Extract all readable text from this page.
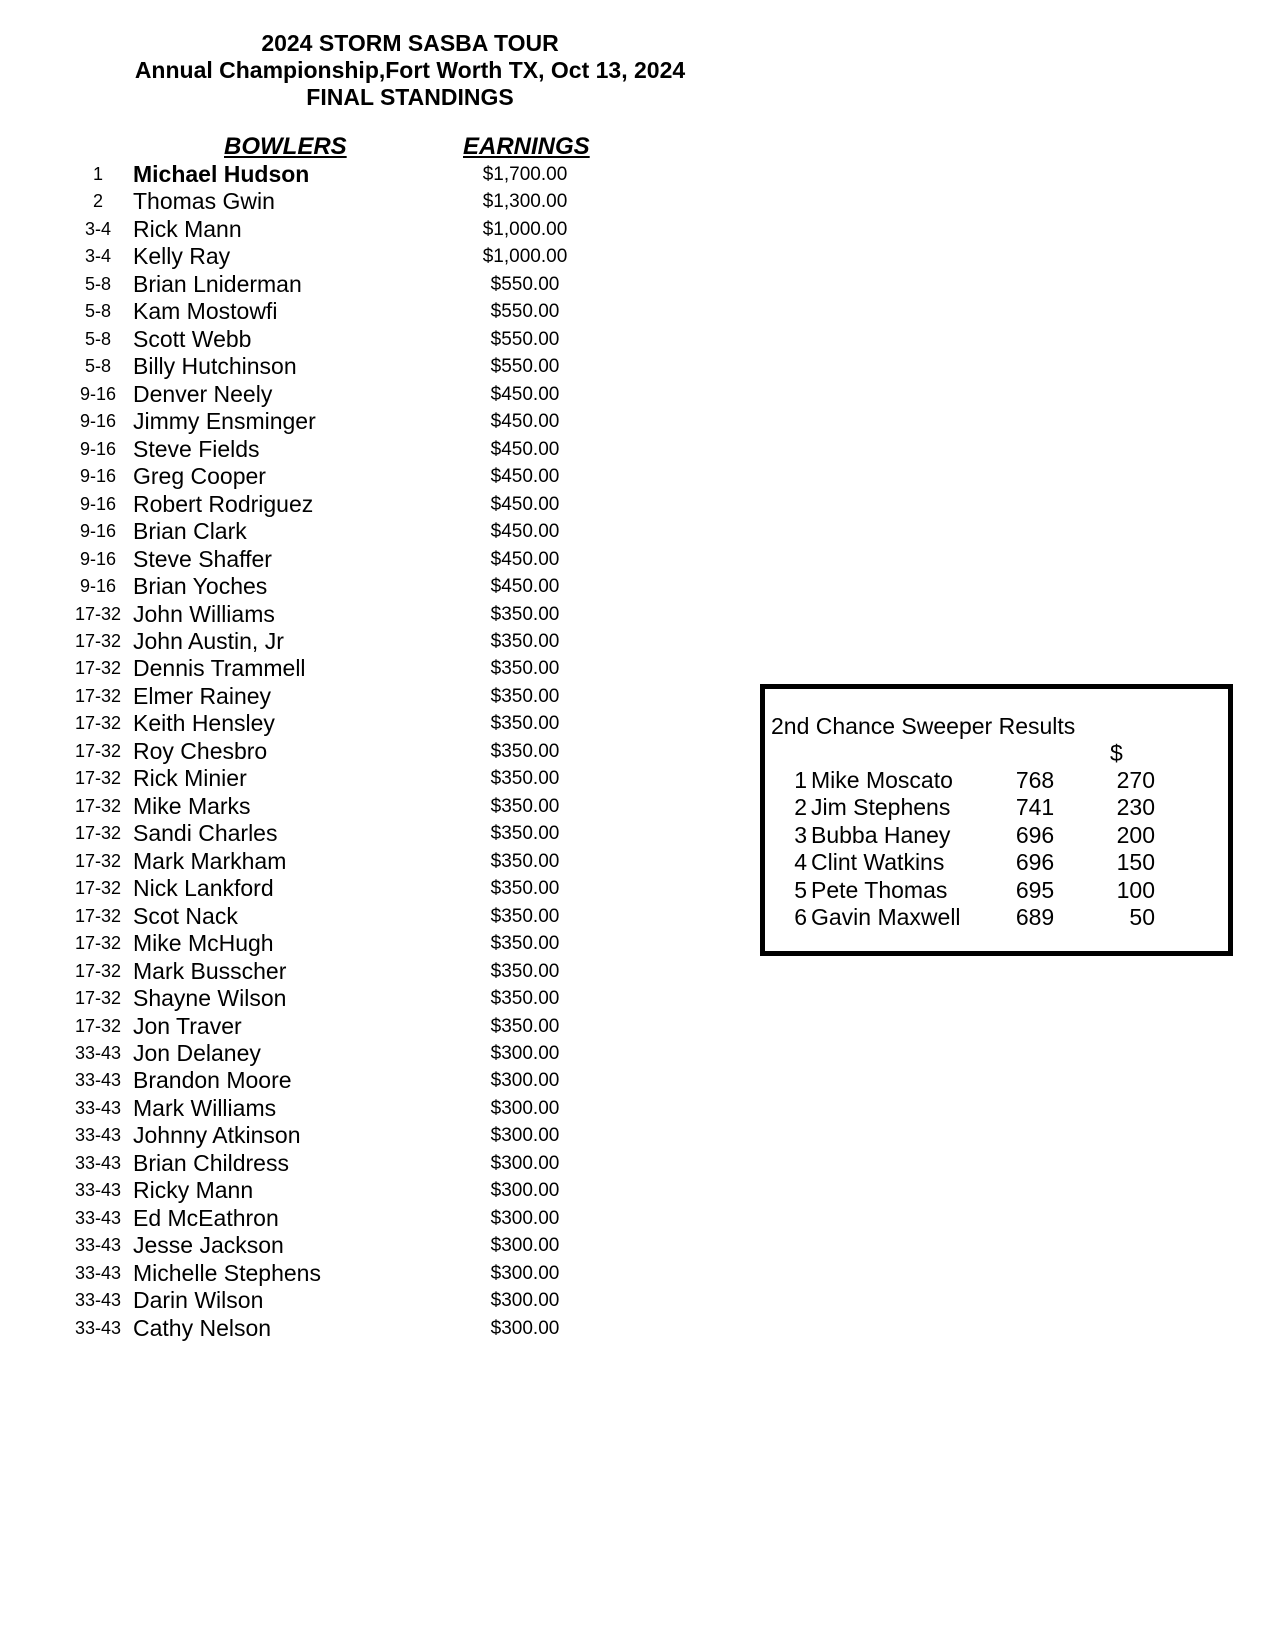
2024 STORM SASBA TOUR
Annual Championship,Fort Worth TX, Oct 13, 2024
FINAL STANDINGS
BOWLERS	EARNINGS
1	Michael Hudson	$1,700.00
2	Thomas Gwin	$1,300.00
3-4 Rick Mann	$1,000.00
3-4 Kelly Ray	$1,000.00
5-8 Brian Lniderman	$550.00
5-8 Kam Mostowfi	$550.00
5-8 Scott Webb	$550.00
5-8 Billy Hutchinson	$550.00
9-16 Denver Neely	$450.00
9-16 Jimmy Ensminger	$450.00
9-16 Steve Fields	$450.00
9-16 Greg Cooper	$450.00
9-16 Robert Rodriguez	$450.00
9-16 Brian Clark	$450.00
9-16 Steve Shaffer	$450.00
9-16 Brian Yoches	$450.00
17-32 John Williams	$350.00
17-32 John Austin, Jr	$350.00
17-32 Dennis Trammell	$350.00
17-32 Elmer Rainey	$350.00
17-32 Keith Hensley	$350.00
17-32 Roy Chesbro	$350.00
17-32 Rick Minier	$350.00
17-32 Mike Marks	$350.00
17-32 Sandi Charles	$350.00
17-32 Mark Markham	$350.00
17-32 Nick Lankford	$350.00
17-32 Scot Nack	$350.00
17-32 Mike McHugh	$350.00
17-32 Mark Busscher	$350.00
17-32 Shayne Wilson	$350.00
17-32 Jon Traver	$350.00
33-43 Jon Delaney	$300.00
33-43 Brandon Moore	$300.00
33-43 Mark Williams	$300.00
33-43 Johnny Atkinson	$300.00
33-43 Brian Childress	$300.00
33-43 Ricky Mann	$300.00
33-43 Ed McEathron	$300.00
33-43 Jesse Jackson	$300.00
33-43 Michelle Stephens	$300.00
33-43 Darin Wilson	$300.00
33-43 Cathy Nelson	$300.00
2nd Chance Sweeper Results
$
1 Mike Moscato	768	270
2 Jim Stephens	741	230
3 Bubba Haney	696	200
4 Clint Watkins	696	150
5 Pete Thomas	695	100
6 Gavin Maxwell	689	50
